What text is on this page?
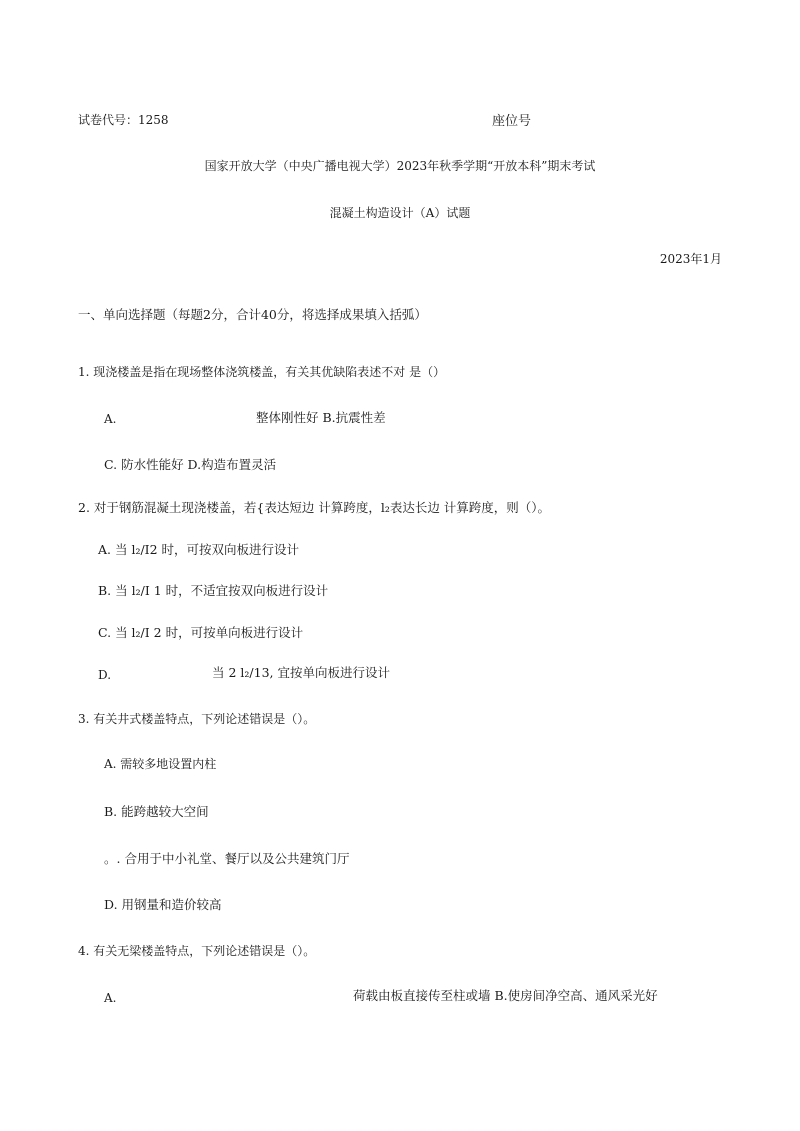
试卷代号：1258	座位号
国家开放大学（中央广播电视大学）2023年秋季学期“开放本科”期末考试
混凝土构造设计（A）试题
2023年1月
一、单向选择题（每题2分，合计40分，将选择成果填入括弧）
1. 现浇楼盖是指在现场整体浇筑楼盖，有关其优缺陷表述不对 是（）
A.	整体刚性好 B.抗震性差
C. 防水性能好 D.构造布置灵活
2. 对于钢筋混凝土现浇楼盖，若{表达短边 计算跨度，l₂表达长边 计算跨度，则（）。
A. 当 l₂/I2 时，可按双向板进行设计
B. 当 l₂/I 1 时，不适宜按双向板进行设计
C. 当 l₂/I 2 时，可按单向板进行设计
D.	当 2 l₂/13, 宜按单向板进行设计
3. 有关井式楼盖特点，下列论述错误是（）。
A. 需较多地设置内柱
B. 能跨越较大空间
。. 合用于中小礼堂、餐厅以及公共建筑门厅
D. 用钢量和造价较高
4. 有关无梁楼盖特点，下列论述错误是（）。
A.	荷载由板直接传至柱或墙 B.使房间净空高、通风采光好
